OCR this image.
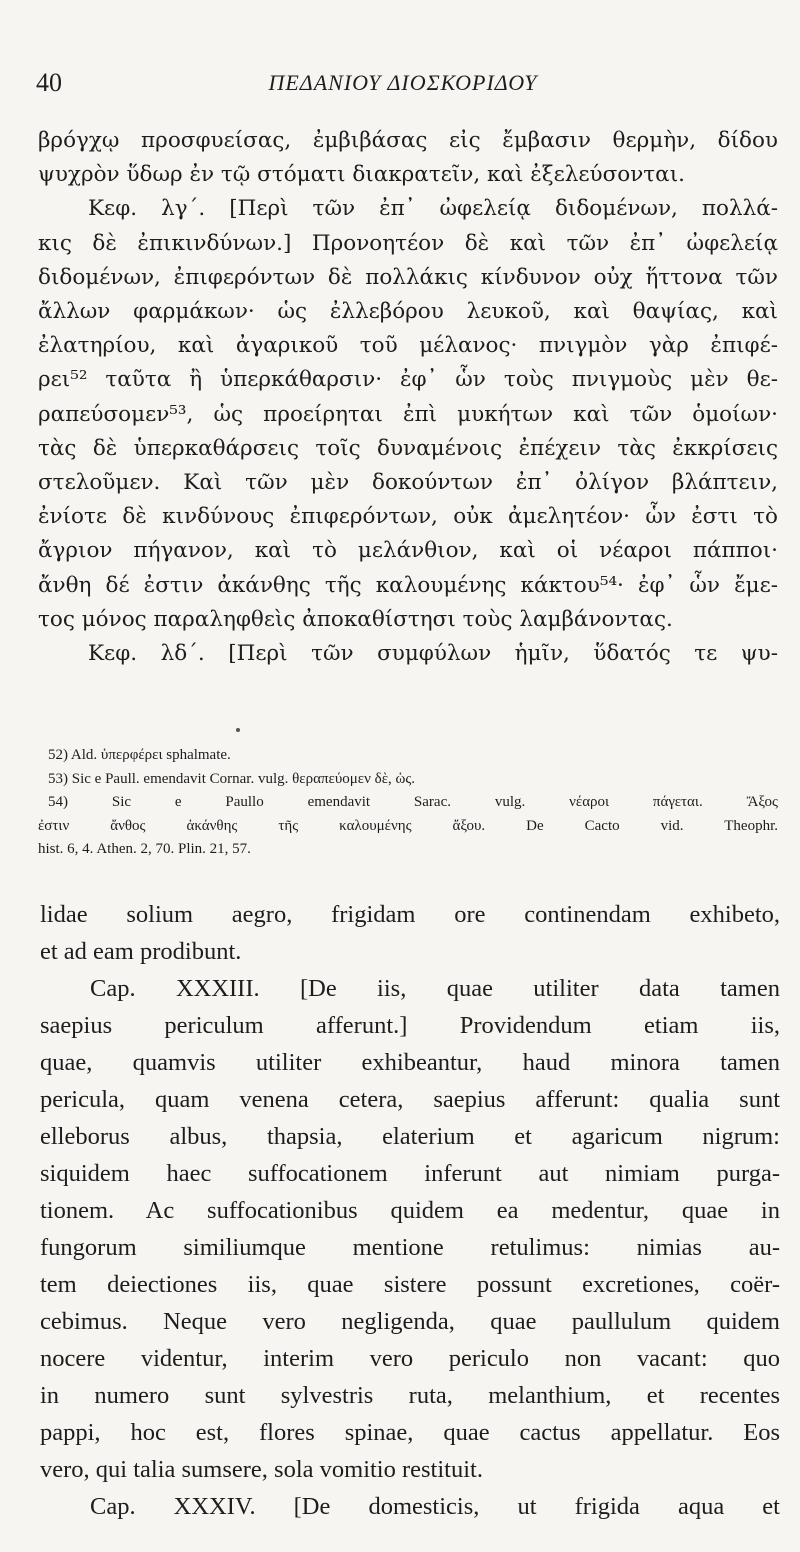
40	ΠΕΔΑΝΙΟΥ ΔΙΟΣΚΟΡΙΔΟΥ

βρόγχῳ προσφυείσας, ἐμβιβάσας εἰς ἔμβασιν θερμὴν, δίδου

ψυχρὸν ὕδωρ ἐν τῷ στόματι διακρατεῖν, καὶ ἐξελεύσονται.

Κεφ. λγ΄. [Περὶ τῶν ἐπ᾽ ὠφελείᾳ διδομένων, πολλά-

κις δὲ ἐπικινδύνων.] Προνοητέον δὲ καὶ τῶν ἐπ᾽ ὠφελείᾳ

διδομένων, ἐπιφερόντων δὲ πολλάκις κίνδυνον οὐχ ἥττονα τῶν

ἄλλων φαρμάκων· ὡς ἐλλεβόρου λευκοῦ, καὶ θαψίας, καὶ

ἐλατηρίου, καὶ ἀγαρικοῦ τοῦ μέλανος· πνιγμὸν γὰρ ἐπιφέ-

ρει⁵² ταῦτα ἢ ὑπερκάθαρσιν· ἐφ᾽ ὧν τοὺς πνιγμοὺς μὲν θε-

ραπεύσομεν⁵³, ὡς προείρηται ἐπὶ μυκήτων καὶ τῶν ὁμοίων·

τὰς δὲ ὑπερκαθάρσεις τοῖς δυναμένοις ἐπέχειν τὰς ἐκκρίσεις

στελοῦμεν. Καὶ τῶν μὲν δοκούντων ἐπ᾽ ὀλίγον βλάπτειν,

ἐνίοτε δὲ κινδύνους ἐπιφερόντων, οὐκ ἀμελητέον· ὧν ἐστι τὸ

ἄγριον πήγανον, καὶ τὸ μελάνθιον, καὶ οἱ νέαροι πάπποι·

ἄνθη δέ ἐστιν ἀκάνθης τῆς καλουμένης κάκτου⁵⁴· ἐφ᾽ ὧν ἔμε-

τος μόνος παραληφθεὶς ἀποκαθίστησι τοὺς λαμβάνοντας.

Κεφ. λδ΄. [Περὶ τῶν συμφύλων ἡμῖν, ὕδατός τε ψυ-

52) Ald. ὑπερφέρει sphalmate.

53) Sic e Paull. emendavit Cornar. vulg. θεραπεύομεν δὲ, ὡς.

54) Sic e Paullo emendavit Sarac. vulg. νέαροι πάγεται. Ἄξος

ἐστιν ἄνθος ἀκάνθης τῆς καλουμένης ἄξου. De Cacto vid. Theophr.

hist. 6, 4. Athen. 2, 70. Plin. 21, 57.

lidae solium aegro, frigidam ore continendam exhibeto,

et ad eam prodibunt.

Cap. XXXIII. [De iis, quae utiliter data tamen

saepius periculum afferunt.] Providendum etiam iis,

quae, quamvis utiliter exhibeantur, haud minora tamen

pericula, quam venena cetera, saepius afferunt: qualia sunt

elleborus albus, thapsia, elaterium et agaricum nigrum:

siquidem haec suffocationem inferunt aut nimiam purga-

tionem. Ac suffocationibus quidem ea medentur, quae in

fungorum similiumque mentione retulimus: nimias au-

tem deiectiones iis, quae sistere possunt excretiones, coër-

cebimus. Neque vero negligenda, quae paullulum quidem

nocere videntur, interim vero periculo non vacant: quo

in numero sunt sylvestris ruta, melanthium, et recentes

pappi, hoc est, flores spinae, quae cactus appellatur. Eos

vero, qui talia sumsere, sola vomitio restituit.

Cap. XXXIV. [De domesticis, ut frigida aqua et
